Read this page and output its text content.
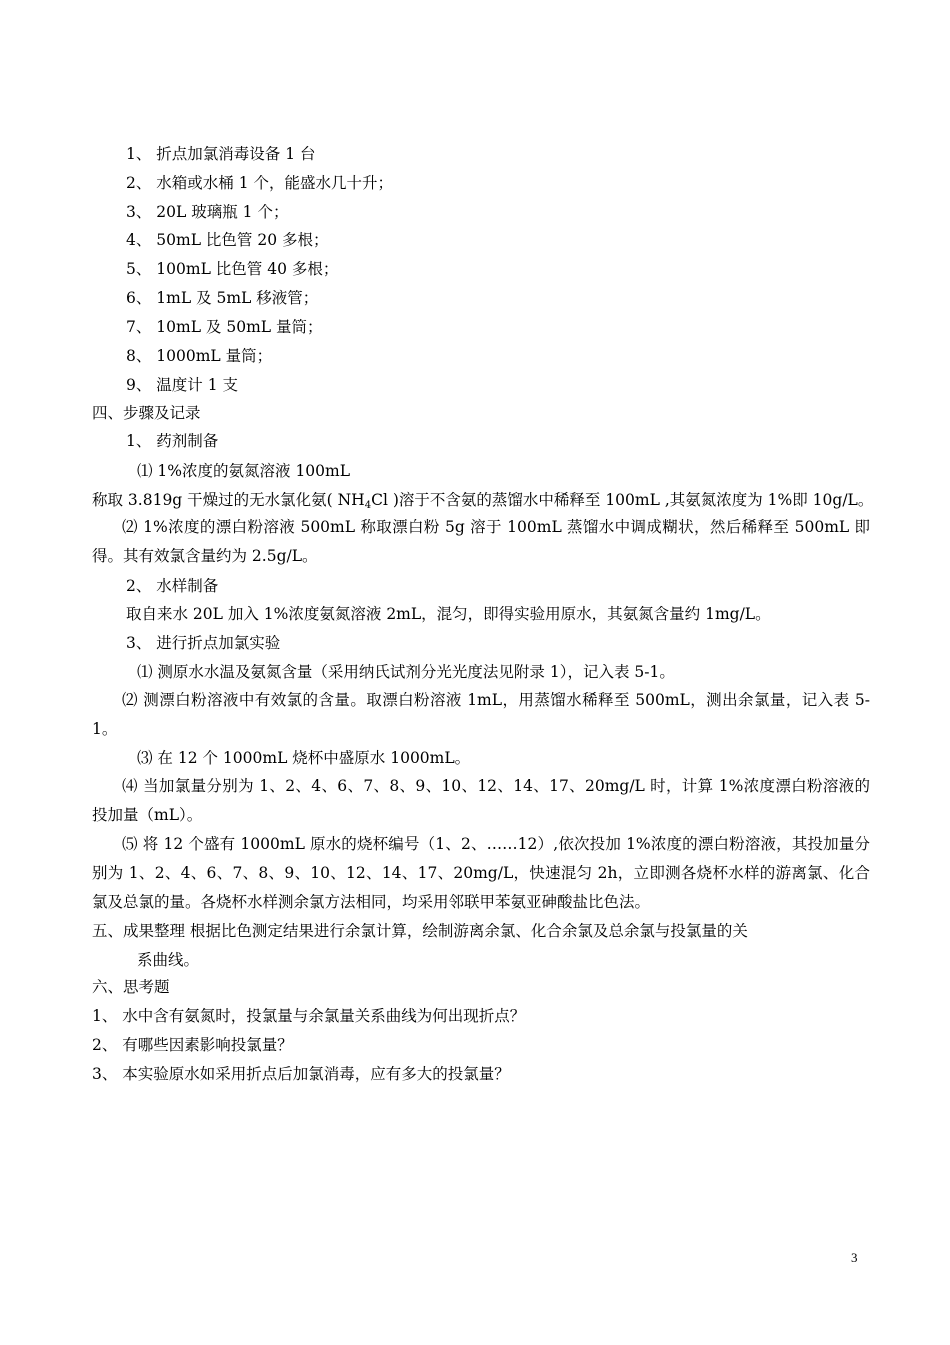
1、 折点加氯消毒设备 1 台
2、 水箱或水桶 1 个，能盛水几十升；
3、 20L 玻璃瓶 1 个；
4、 50mL 比色管 20 多根；
5、 100mL 比色管 40 多根；
6、 1mL 及 5mL 移液管；
7、 10mL 及 50mL 量筒；
8、 1000mL 量筒；
9、 温度计 1 支
四、步骤及记录
1、 药剂制备
⑴ 1%浓度的氨氮溶液 100mL
称取 3.819g 干燥过的无水氯化氨( $NH_4Cl$ )溶于不含氨的蒸馏水中稀释至 100mL ,其氨氮浓度为 1%即 10g/L。
⑵ 1%浓度的漂白粉溶液 500mL 称取漂白粉 5g 溶于 100mL 蒸馏水中调成糊状，然后稀释至 500mL 即得。其有效氯含量约为 2.5g/L。
2、 水样制备
取自来水 20L 加入 1%浓度氨氮溶液 2mL，混匀，即得实验用原水，其氨氮含量约 1mg/L。
3、 进行折点加氯实验
⑴ 测原水水温及氨氮含量（采用纳氏试剂分光光度法见附录 1），记入表 5-1。
⑵ 测漂白粉溶液中有效氯的含量。取漂白粉溶液 1mL，用蒸馏水稀释至 500mL，测出余氯量，记入表 5-1。
⑶ 在 12 个 1000mL 烧杯中盛原水 1000mL。
⑷ 当加氯量分别为 1、2、4、6、7、8、9、10、12、14、17、20mg/L 时，计算 1%浓度漂白粉溶液的投加量（mL）。
⑸ 将 12 个盛有 1000mL 原水的烧杯编号（1、2、……12）,依次投加 1%浓度的漂白粉溶液，其投加量分别为 1、2、4、6、7、8、9、10、12、14、17、20mg/L，快速混匀 2h，立即测各烧杯水样的游离氯、化合氯及总氯的量。各烧杯水样测余氯方法相同，均采用邻联甲苯氨亚砷酸盐比色法。
五、成果整理 根据比色测定结果进行余氯计算，绘制游离余氯、化合余氯及总余氯与投氯量的关
系曲线。
六、思考题
1、 水中含有氨氮时，投氯量与余氯量关系曲线为何出现折点？
2、 有哪些因素影响投氯量？
3、 本实验原水如采用折点后加氯消毒，应有多大的投氯量？
3
